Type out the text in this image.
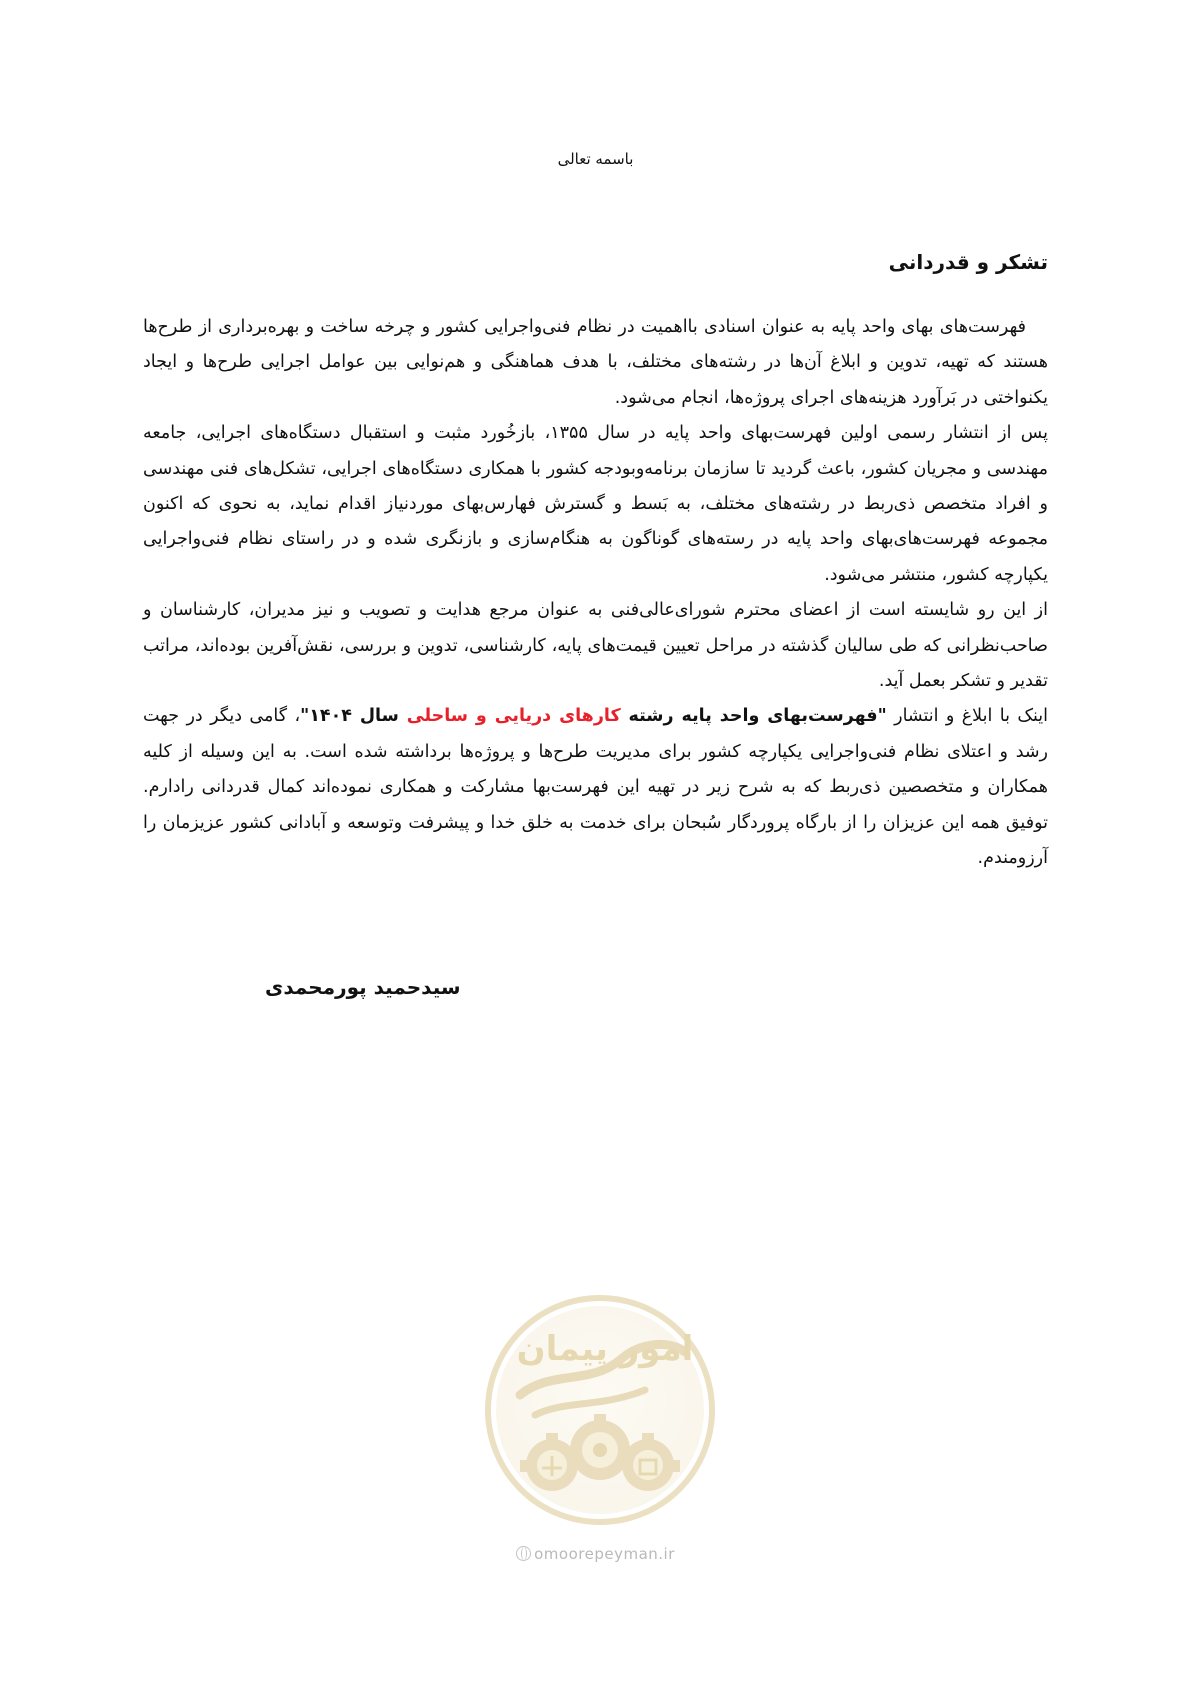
باسمه تعالی
تشکر و قدردانی

فهرست‌های بهای واحد پایه به عنوان اسنادی بااهمیت در نظام فنی‌واجرایی کشور و چرخه ساخت و بهره‌برداری از طرح‌ها هستند که تهیه، تدوین و ابلاغ آن‌ها در رشته‌های مختلف، با هدف هماهنگی و هم‌نوایی بین عوامل اجرایی طرح‌ها و ایجاد یکنواختی در بَرآورد هزینه‌های اجرای پروژه‌ها، انجام می‌شود.

پس از انتشار رسمی اولین فهرست‌بهای واحد پایه در سال ۱۳۵۵، بازخُورد مثبت و استقبال دستگاه‌های اجرایی، جامعه مهندسی و مجریان کشور، باعث گردید تا سازمان برنامه‌وبودجه کشور با همکاری دستگاه‌های اجرایی، تشکل‌های فنی مهندسی و افراد متخصص ذی‌ربط در رشته‌های مختلف، به بَسط و گسترش فهارس‌بهای موردنیاز اقدام نماید، به نحوی که اکنون مجموعه فهرست‌های‌بهای واحد پایه در رسته‌های گوناگون به هنگام‌سازی و بازنگری شده و در راستای نظام فنی‌واجرایی یکپارچه کشور، منتشر می‌شود.

از این رو شایسته است از اعضای محترم شورای‌عالی‌فنی به عنوان مرجع هدایت و تصویب و نیز مدیران، کارشناسان و صاحب‌نظرانی که طی سالیان گذشته در مراحل تعیین قیمت‌های پایه، کارشناسی، تدوین و بررسی، نقش‌آفرین بوده‌اند، مراتب تقدیر و تشکر بعمل آید.

اینک با ابلاغ و انتشار "فهرست‌بهای واحد پایه رشته کارهای دریایی و ساحلی سال ۱۴۰۴"، گامی دیگر در جهت رشد و اعتلای نظام فنی‌واجرایی یکپارچه کشور برای مدیریت طرح‌ها و پروژه‌ها برداشته شده است. به این وسیله از کلیه همکاران و متخصصین ذی‌ربط که به شرح زیر در تهیه این فهرست‌بها مشارکت و همکاری نموده‌اند کمال قدردانی رادارم. توفیق همه این عزیزان را از بارگاه پروردگار سُبحان برای خدمت به خلق خدا و پیشرفت وتوسعه و آبادانی کشور عزیزمان را آرزومندم.

سیدحمید پورمحمدی
امور پیمان
omoorepeyman.ir
